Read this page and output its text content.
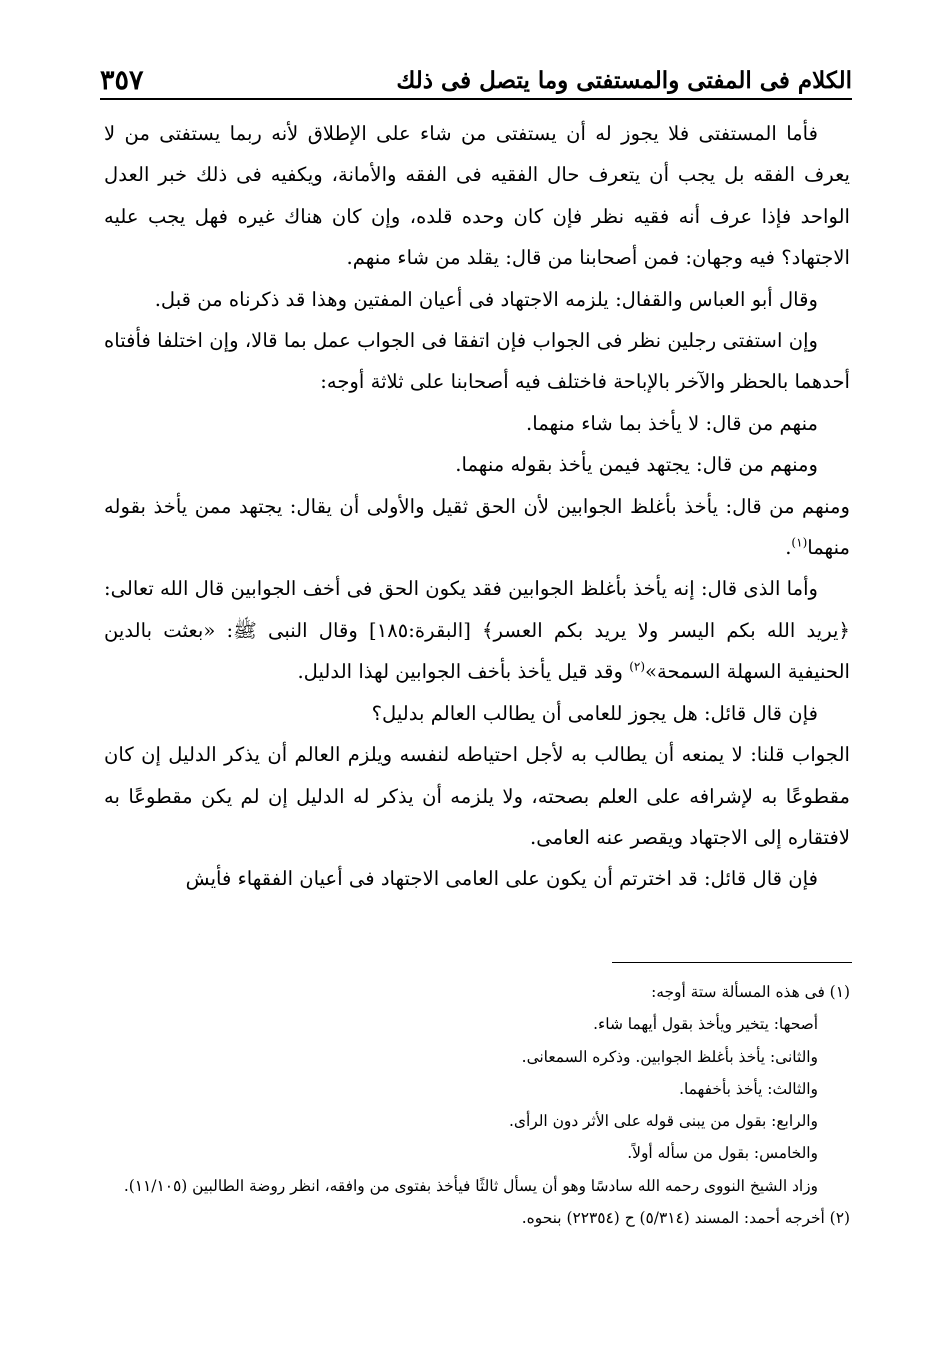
الكلام فى المفتى والمستفتى وما يتصل فى ذلك
٣٥٧

فأما المستفتى فلا يجوز له أن يستفتى من شاء على الإطلاق لأنه ربما يستفتى من لا يعرف الفقه بل يجب أن يتعرف حال الفقيه فى الفقه والأمانة، ويكفيه فى ذلك خبر العدل الواحد فإذا عرف أنه فقيه نظر فإن كان وحده قلده، وإن كان هناك غيره فهل يجب عليه الاجتهاد؟ فيه وجهان: فمن أصحابنا من قال: يقلد من شاء منهم.

وقال أبو العباس والقفال: يلزمه الاجتهاد فى أعيان المفتين وهذا قد ذكرناه من قبل.

وإن استفتى رجلين نظر فى الجواب فإن اتفقا فى الجواب عمل بما قالا، وإن اختلفا فأفتاه أحدهما بالحظر والآخر بالإباحة فاختلف فيه أصحابنا على ثلاثة أوجه:

منهم من قال: لا يأخذ بما شاء منهما.

ومنهم من قال: يجتهد فيمن يأخذ بقوله منهما.

ومنهم من قال: يأخذ بأغلظ الجوابين لأن الحق ثقيل والأولى أن يقال: يجتهد ممن يأخذ بقوله منهما$^{(١)}$.

وأما الذى قال: إنه يأخذ بأغلظ الجوابين فقد يكون الحق فى أخف الجوابين قال الله تعالى: ﴿يريد الله بكم اليسر ولا يريد بكم العسر﴾ [البقرة:١٨٥] وقال النبى ﷺ: «بعثت بالدين الحنيفية السهلة السمحة»$^{(٢)}$ وقد قيل يأخذ بأخف الجوابين لهذا الدليل.

فإن قال قائل: هل يجوز للعامى أن يطالب العالم بدليل؟

الجواب قلنا: لا يمنعه أن يطالب به لأجل احتياطه لنفسه ويلزم العالم أن يذكر الدليل إن كان مقطوعًا به لإشرافه على العلم بصحته، ولا يلزمه أن يذكر له الدليل إن لم يكن مقطوعًا به لافتقاره إلى الاجتهاد ويقصر عنه العامى.

فإن قال قائل: قد اخترتم أن يكون على العامى الاجتهاد فى أعيان الفقهاء فأيش

(١) فى هذه المسألة ستة أوجه:

أصحها: يتخير ويأخذ بقول أيهما شاء.

والثانى: يأخذ بأغلظ الجوابين. وذكره السمعانى.

والثالث: يأخذ بأخفهما.

والرابع: بقول من يبنى قوله على الأثر دون الرأى.

والخامس: بقول من سأله أولاً.

وزاد الشيخ النووى رحمه الله سادسًا وهو أن يسأل ثالثًا فيأخذ بفتوى من وافقه، انظر روضة الطالبين (١١/١٠٥).

(٢) أخرجه أحمد: المسند (٥/٣١٤) ح (٢٢٣٥٤) بنحوه.
